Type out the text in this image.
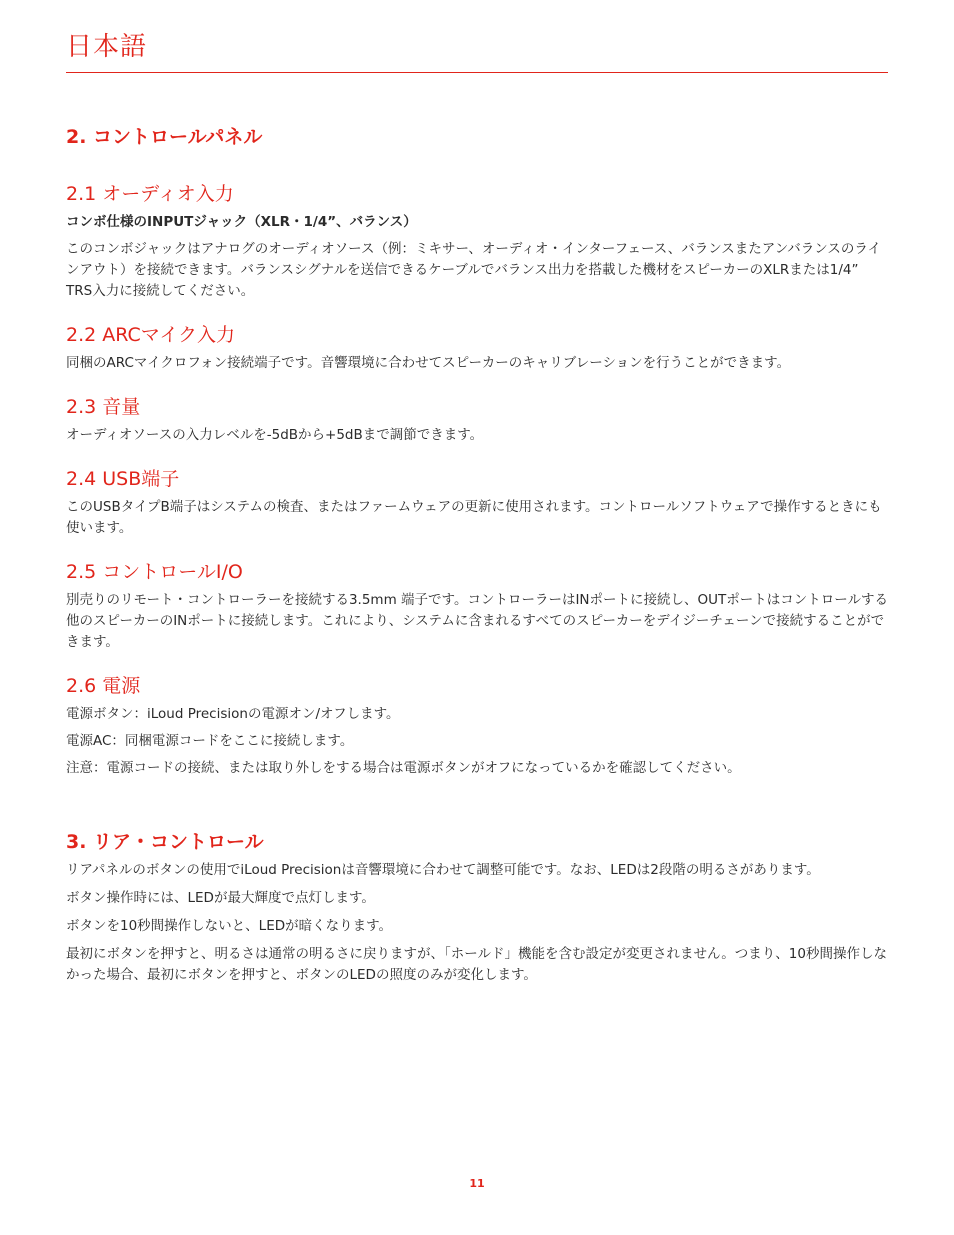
日本語
2. コントロールパネル
2.1 オーディオ入力
コンボ仕様のINPUTジャック（XLR・1/4”、バランス）

このコンボジャックはアナログのオーディオソース（例：ミキサー、オーディオ・インターフェース、バランスまたアンバランスのラインアウト）を接続できます。バランスシグナルを送信できるケーブルでバランス出力を搭載した機材をスピーカーのXLRまたは1/4” TRS入力に接続してください。

2.2 ARCマイク入力

同梱のARCマイクロフォン接続端子です。音響環境に合わせてスピーカーのキャリブレーションを行うことができます。

2.3 音量

オーディオソースの入力レベルを-5dBから+5dBまで調節できます。

2.4 USB端子

このUSBタイプB端子はシステムの検査、またはファームウェアの更新に使用されます。コントロールソフトウェアで操作するときにも使います。

2.5 コントロールI/O

別売りのリモート・コントローラーを接続する3.5mm 端子です。コントローラーはINポートに接続し、OUTポートはコントロールする他のスピーカーのINポートに接続します。これにより、システムに含まれるすべてのスピーカーをデイジーチェーンで接続することができます。

2.6 電源

電源ボタン：iLoud Precisionの電源オン/オフします。

電源AC：同梱電源コードをここに接続します。

注意：電源コードの接続、または取り外しをする場合は電源ボタンがオフになっているかを確認してください。

3. リア・コントロール

リアパネルのボタンの使用でiLoud Precisionは音響環境に合わせて調整可能です。なお、LEDは2段階の明るさがあります。

ボタン操作時には、LEDが最大輝度で点灯します。

ボタンを10秒間操作しないと、LEDが暗くなります。

最初にボタンを押すと、明るさは通常の明るさに戻りますが、「ホールド」機能を含む設定が変更されません。つまり、10秒間操作しなかった場合、最初にボタンを押すと、ボタンのLEDの照度のみが変化します。

11
